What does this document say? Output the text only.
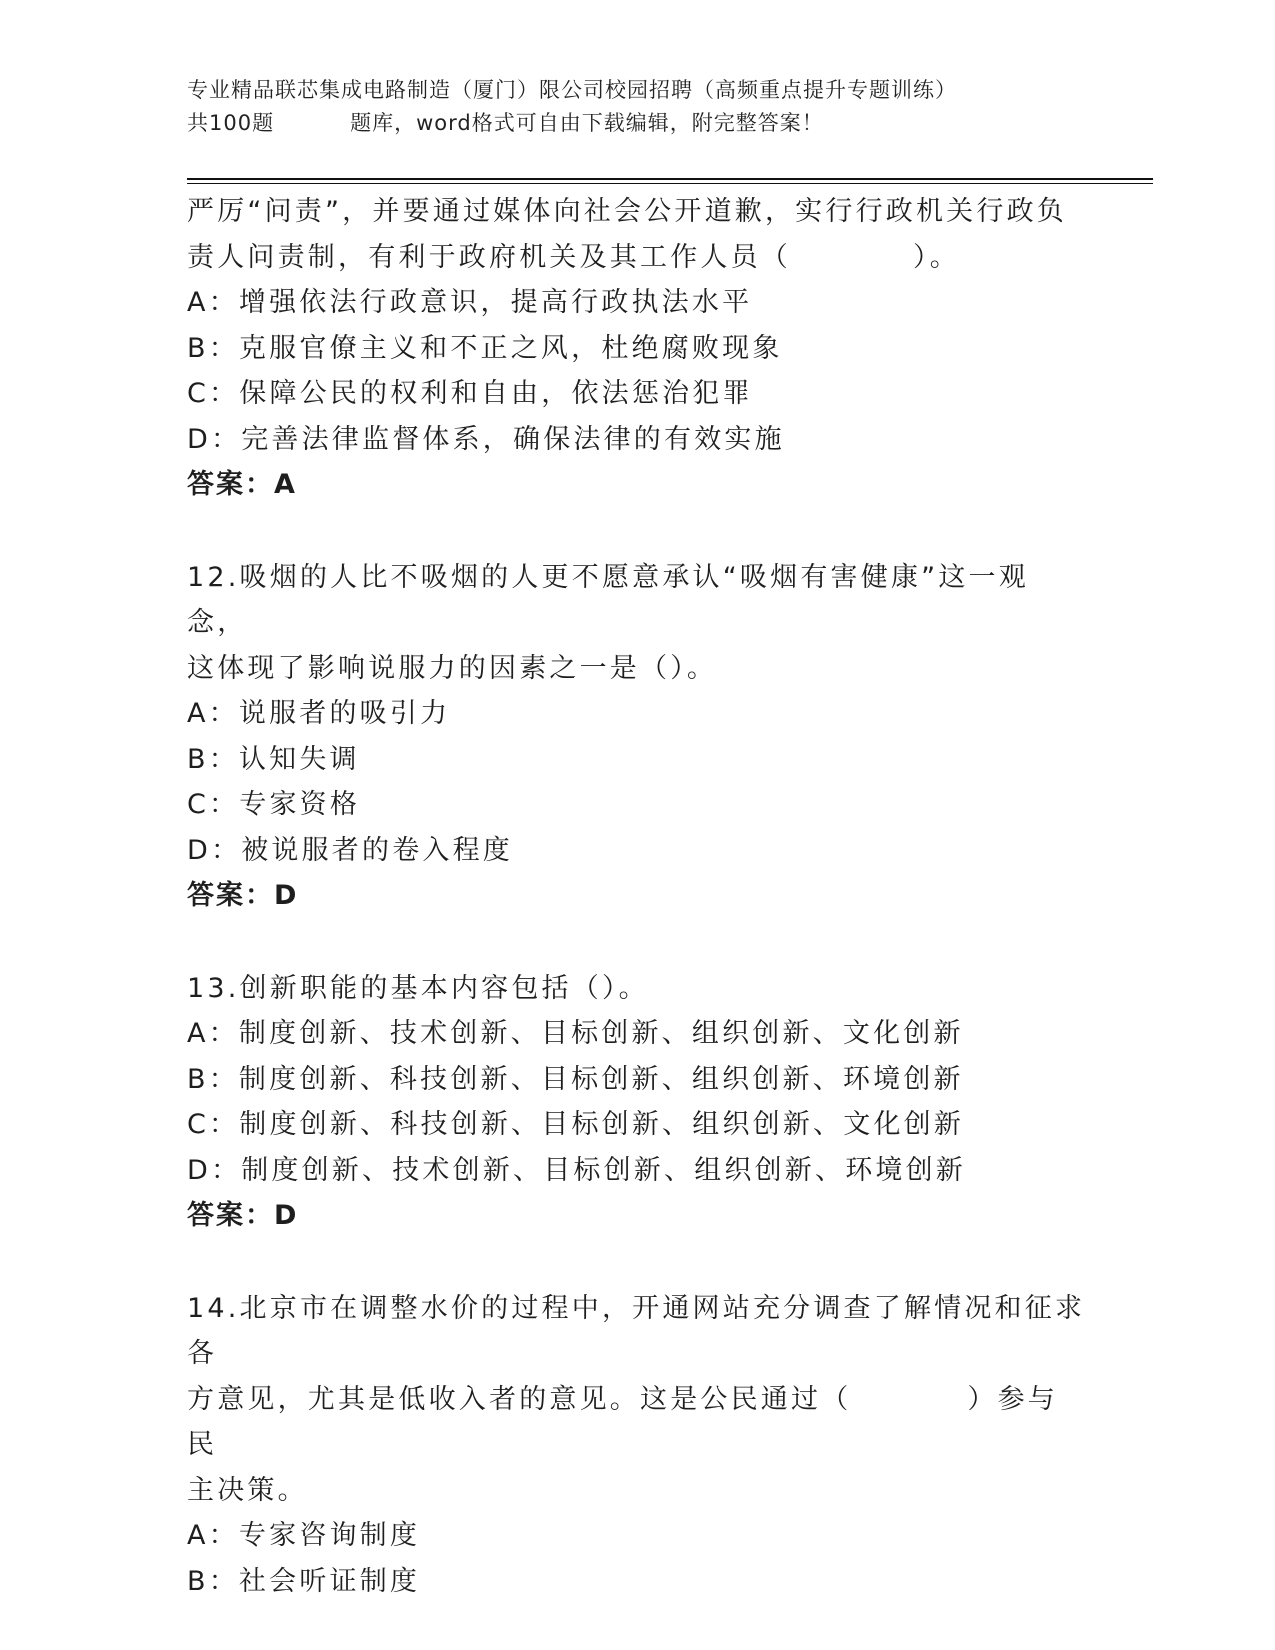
专业精品联芯集成电路制造（厦门）限公司校园招聘（高频重点提升专题训练）
共100题	题库，word格式可自由下载编辑，附完整答案！

严厉“问责”，并要通过媒体向社会公开道歉，实行行政机关行政负

责人问责制，有利于政府机关及其工作人员（	）。

A：增强依法行政意识，提高行政执法水平

B：克服官僚主义和不正之风，杜绝腐败现象

C：保障公民的权利和自由，依法惩治犯罪

D：完善法律监督体系，确保法律的有效实施

答案：A

12.吸烟的人比不吸烟的人更不愿意承认“吸烟有害健康”这一观念，

这体现了影响说服力的因素之一是（）。

A：说服者的吸引力

B：认知失调

C：专家资格

D：被说服者的卷入程度

答案：D

13.创新职能的基本内容包括（）。

A：制度创新、技术创新、目标创新、组织创新、文化创新

B：制度创新、科技创新、目标创新、组织创新、环境创新

C：制度创新、科技创新、目标创新、组织创新、文化创新

D：制度创新、技术创新、目标创新、组织创新、环境创新

答案：D

14.北京市在调整水价的过程中，开通网站充分调查了解情况和征求各

方意见，尤其是低收入者的意见。这是公民通过（	）参与民

主决策。

A：专家咨询制度

B：社会听证制度
